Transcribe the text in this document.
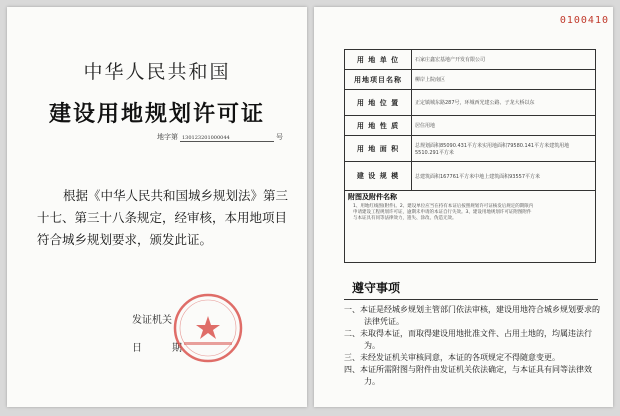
中华人民共和国
建设用地规划许可证
地字第 130123201000044	号
根据《中华人民共和国城乡规划法》第三十七、第三十八条规定，经审核，本用地项目符合城乡规划要求，颁发此证。
发证机关
日	期
0100410
用 地 单 位	石家庄鑫宏基地产开发有限公司
用地项目名称	柳岸上院南区
用 地 位 置	正定镇城东路287号，环城西光建公路、子龙大桥以东
用 地 性 质	居住用地
用 地 面 积	总规划面积85090.431平方米实用地面积79580.141平方米建筑用地5510.291平方米
建 设 规 模	总建筑面积167761平方米中地上建筑面积93557平方米
附图及附件名称
1、用地红线图(附件)。2、建设单位应当在持有本证后按照规划许可证核发后规定的期限内
申请建设工程规划许可证，逾期未申请的本证自行失效。3、建设用地规划许可证附图附件
与本证具有同等法律效力，遗失、涂改、伪造无效。
遵守事项
一、本证是经城乡规划主管部门依法审核，建设用地符合城乡规划要求的法律凭证。
二、未取得本证，而取得建设用地批准文件、占用土地的，均属违法行为。
三、未经发证机关审核同意，本证的各项规定不得随意变更。
四、本证所需附图与附件由发证机关依法确定，与本证具有同等法律效力。
